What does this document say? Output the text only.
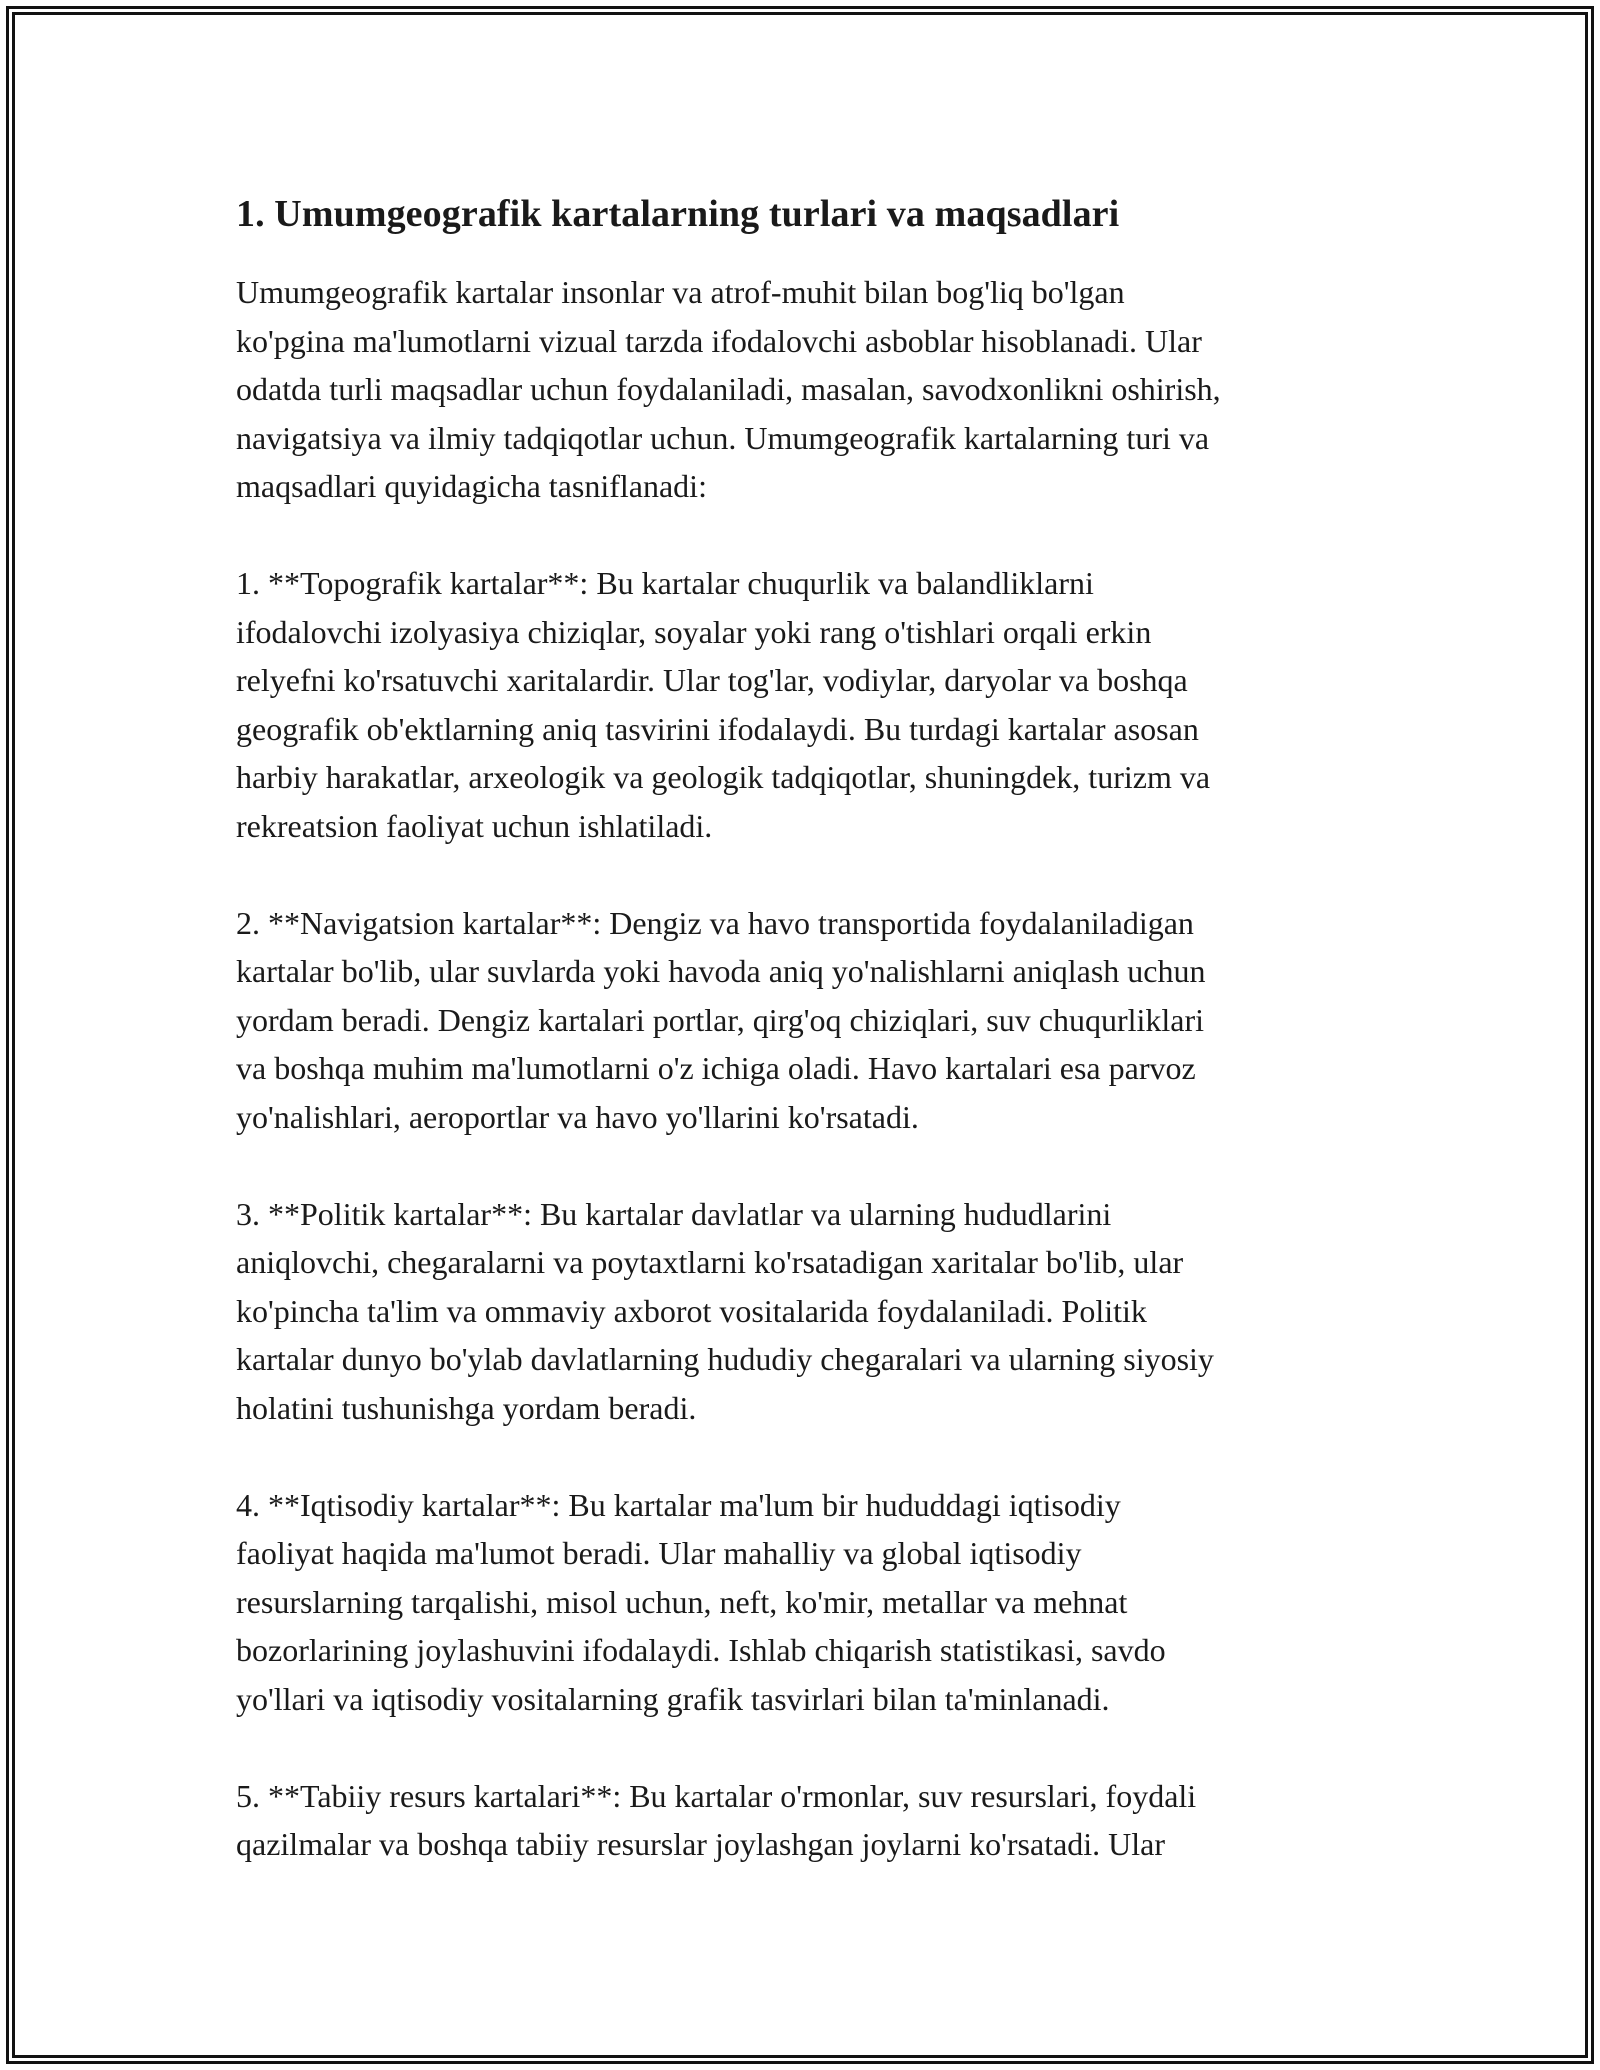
1. Umumgeografik kartalarning turlari va maqsadlari

Umumgeografik kartalar insonlar va atrof-muhit bilan bog'liq bo'lgan
ko'pgina ma'lumotlarni vizual tarzda ifodalovchi asboblar hisoblanadi. Ular
odatda turli maqsadlar uchun foydalaniladi, masalan, savodxonlikni oshirish,
navigatsiya va ilmiy tadqiqotlar uchun. Umumgeografik kartalarning turi va
maqsadlari quyidagicha tasniflanadi:

1. **Topografik kartalar**: Bu kartalar chuqurlik va balandliklarni
ifodalovchi izolyasiya chiziqlar, soyalar yoki rang o'tishlari orqali erkin
relyefni ko'rsatuvchi xaritalardir. Ular tog'lar, vodiylar, daryolar va boshqa
geografik ob'ektlarning aniq tasvirini ifodalaydi. Bu turdagi kartalar asosan
harbiy harakatlar, arxeologik va geologik tadqiqotlar, shuningdek, turizm va
rekreatsion faoliyat uchun ishlatiladi.

2. **Navigatsion kartalar**: Dengiz va havo transportida foydalaniladigan
kartalar bo'lib, ular suvlarda yoki havoda aniq yo'nalishlarni aniqlash uchun
yordam beradi. Dengiz kartalari portlar, qirg'oq chiziqlari, suv chuqurliklari
va boshqa muhim ma'lumotlarni o'z ichiga oladi. Havo kartalari esa parvoz
yo'nalishlari, aeroportlar va havo yo'llarini ko'rsatadi.

3. **Politik kartalar**: Bu kartalar davlatlar va ularning hududlarini
aniqlovchi, chegaralarni va poytaxtlarni ko'rsatadigan xaritalar bo'lib, ular
ko'pincha ta'lim va ommaviy axborot vositalarida foydalaniladi. Politik
kartalar dunyo bo'ylab davlatlarning hududiy chegaralari va ularning siyosiy
holatini tushunishga yordam beradi.

4. **Iqtisodiy kartalar**: Bu kartalar ma'lum bir hududdagi iqtisodiy
faoliyat haqida ma'lumot beradi. Ular mahalliy va global iqtisodiy
resurslarning tarqalishi, misol uchun, neft, ko'mir, metallar va mehnat
bozorlarining joylashuvini ifodalaydi. Ishlab chiqarish statistikasi, savdo
yo'llari va iqtisodiy vositalarning grafik tasvirlari bilan ta'minlanadi.

5. **Tabiiy resurs kartalari**: Bu kartalar o'rmonlar, suv resurslari, foydali
qazilmalar va boshqa tabiiy resurslar joylashgan joylarni ko'rsatadi. Ular
